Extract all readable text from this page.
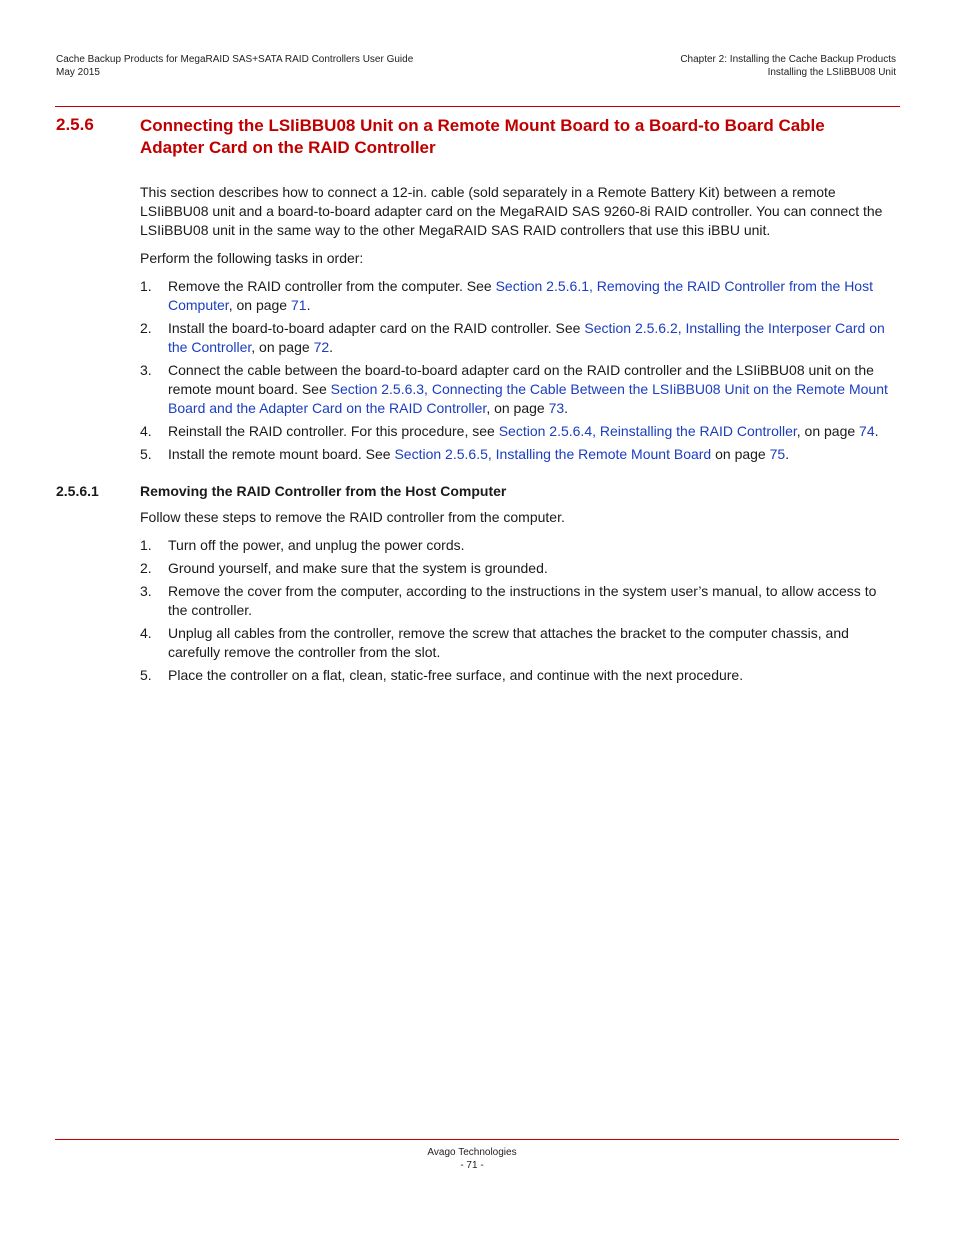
Cache Backup Products for MegaRAID SAS+SATA RAID Controllers User Guide
May 2015
Chapter 2: Installing the Cache Backup Products
Installing the LSIiBBU08 Unit
2.5.6	Connecting the LSIiBBU08 Unit on a Remote Mount Board to a Board-to Board Cable Adapter Card on the RAID Controller
This section describes how to connect a 12-in. cable (sold separately in a Remote Battery Kit) between a remote LSIiBBU08 unit and a board-to-board adapter card on the MegaRAID SAS 9260-8i RAID controller. You can connect the LSIiBBU08 unit in the same way to the other MegaRAID SAS RAID controllers that use this iBBU unit.
Perform the following tasks in order:
1. Remove the RAID controller from the computer. See Section 2.5.6.1, Removing the RAID Controller from the Host Computer, on page 71.
2. Install the board-to-board adapter card on the RAID controller. See Section 2.5.6.2, Installing the Interposer Card on the Controller, on page 72.
3. Connect the cable between the board-to-board adapter card on the RAID controller and the LSIiBBU08 unit on the remote mount board. See Section 2.5.6.3, Connecting the Cable Between the LSIiBBU08 Unit on the Remote Mount Board and the Adapter Card on the RAID Controller, on page 73.
4. Reinstall the RAID controller. For this procedure, see Section 2.5.6.4, Reinstalling the RAID Controller, on page 74.
5. Install the remote mount board. See Section 2.5.6.5, Installing the Remote Mount Board on page 75.
2.5.6.1	Removing the RAID Controller from the Host Computer
Follow these steps to remove the RAID controller from the computer.
1. Turn off the power, and unplug the power cords.
2. Ground yourself, and make sure that the system is grounded.
3. Remove the cover from the computer, according to the instructions in the system user’s manual, to allow access to the controller.
4. Unplug all cables from the controller, remove the screw that attaches the bracket to the computer chassis, and carefully remove the controller from the slot.
5. Place the controller on a flat, clean, static-free surface, and continue with the next procedure.
Avago Technologies
- 71 -
